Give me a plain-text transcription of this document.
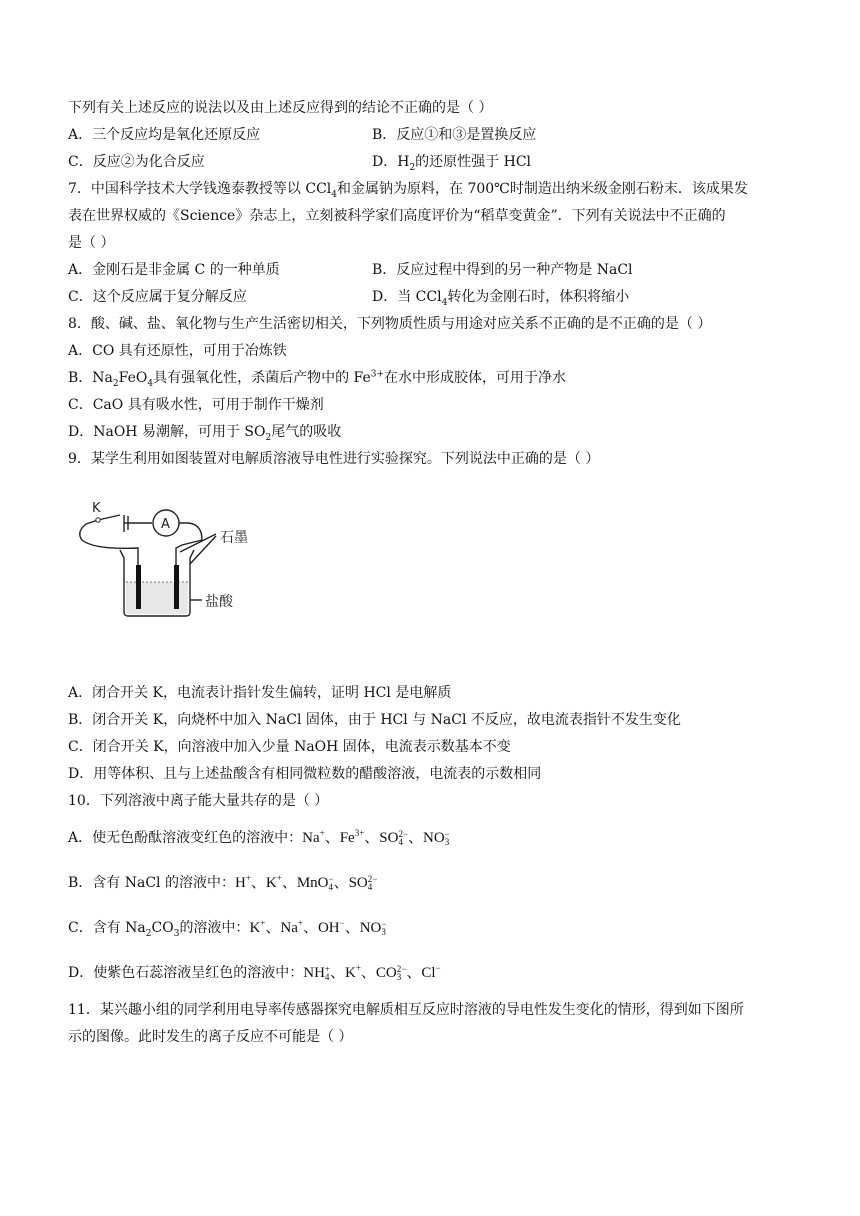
下列有关上述反应的说法以及由上述反应得到的结论不正确的是（ ）
A．三个反应均是氧化还原反应	B．反应①和③是置换反应
C．反应②为化合反应	D．$H_2$的还原性强于 HCl
7．中国科学技术大学钱逸泰教授等以 CCl$_4$和金属钠为原料，在 700℃时制造出纳米级金刚石粉末．该成果发
表在世界权威的《Science》杂志上，立刻被科学家们高度评价为“稻草变黄金”．下列有关说法中不正确的
是（ ）
A．金刚石是非金属 C 的一种单质	B．反应过程中得到的另一种产物是 NaCl
C．这个反应属于复分解反应	D．当 CCl$_4$转化为金刚石时，体积将缩小
8．酸、碱、盐、氧化物与生产生活密切相关，下列物质性质与用途对应关系不正确的是不正确的是（ ）
A．CO 具有还原性，可用于冶炼铁
B．$Na_2FeO_4$具有强氧化性，杀菌后产物中的 $Fe^{3+}$在水中形成胶体，可用于净水
C．CaO 具有吸水性，可用于制作干燥剂
D．NaOH 易潮解，可用于 $SO_2$尾气的吸收
9．某学生利用如图装置对电解质溶液导电性进行实验探究。下列说法中正确的是（ ）
K
A
石墨
盐酸
A．闭合开关 K，电流表计指针发生偏转，证明 HCl 是电解质
B．闭合开关 K，向烧杯中加入 NaCl 固体，由于 HCl 与 NaCl 不反应，故电流表指针不发生变化
C．闭合开关 K，向溶液中加入少量 NaOH 固体，电流表示数基本不变
D．用等体积、且与上述盐酸含有相同微粒数的醋酸溶液，电流表的示数相同
10．下列溶液中离子能大量共存的是（ ）
A．使无色酚酞溶液变红色的溶液中：Na+、$Fe^{3+}$、SO 2−
4 、NO −
3
B．含有 NaCl 的溶液中：H+、K+、MnO −
4 、SO 2−
4
C．含有 $Na_2CO_3$的溶液中：K+、Na+、OH−、NO −
3
D．使紫色石蕊溶液呈红色的溶液中：NH +
4 、K+、CO 2−
3 、Cl−
11．某兴趣小组的同学利用电导率传感器探究电解质相互反应时溶液的导电性发生变化的情形，得到如下图所
示的图像。此时发生的离子反应不可能是（ ）
